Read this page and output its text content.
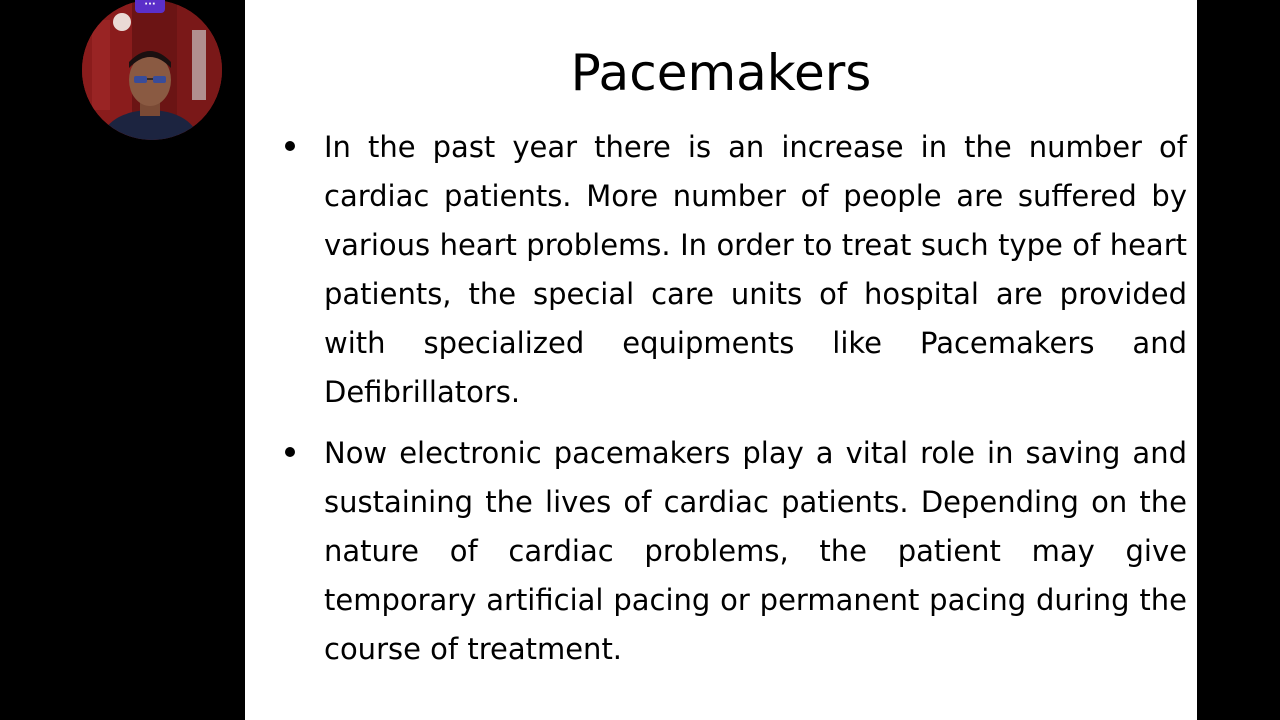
Pacemakers
In the past year there is an increase in the number of cardiac patients. More number of people are suffered by various heart problems. In order to treat such type of heart patients, the special care units of hospital are provided with specialized equipments like Pacemakers and Defibrillators.
Now electronic pacemakers play a vital role in saving and sustaining the lives of cardiac patients. Depending on the nature of cardiac problems, the patient may give temporary artificial pacing or permanent pacing during the course of treatment.
···
